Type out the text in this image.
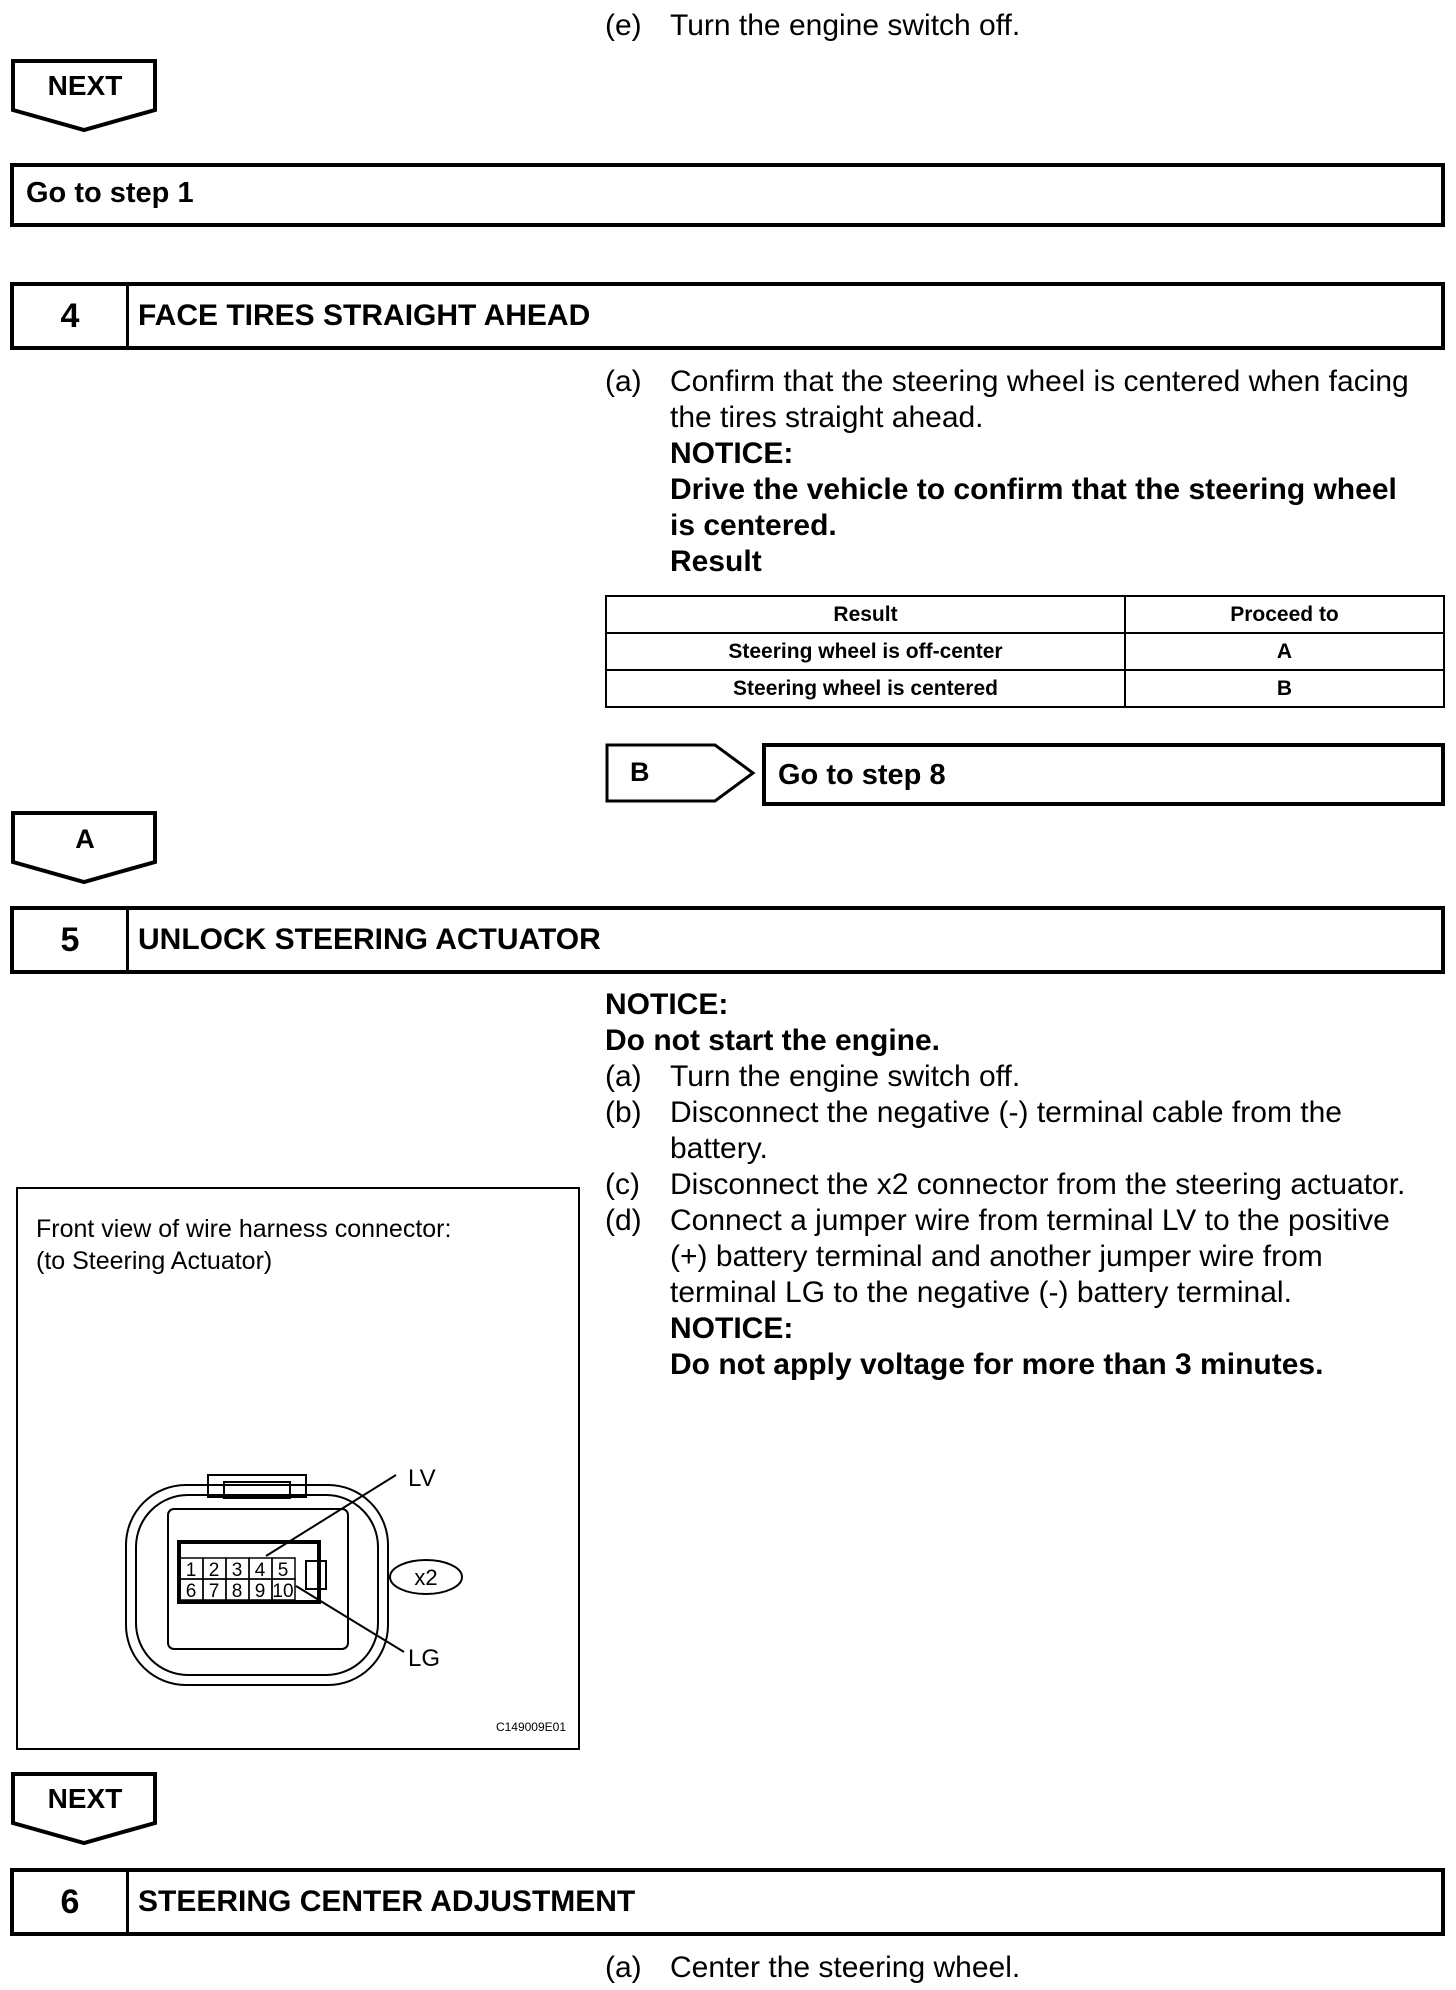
(e) Turn the engine switch off.
NEXT
Go to step 1
4	FACE TIRES STRAIGHT AHEAD
(a) Confirm that the steering wheel is centered when facing
the tires straight ahead.
NOTICE:
Drive the vehicle to confirm that the steering wheel
is centered.
Result
Result	Proceed to
Steering wheel is off-center	A
Steering wheel is centered	B
B	Go to step 8
A
5	UNLOCK STEERING ACTUATOR
NOTICE:
Do not start the engine.
(a) Turn the engine switch off.
(b) Disconnect the negative (-) terminal cable from the
battery.
(c)	Disconnect the x2 connector from the steering actuator.
(d) Connect a jumper wire from terminal LV to the positive
(+) battery terminal and another jumper wire from
terminal LG to the negative (-) battery terminal.
NOTICE:
Do not apply voltage for more than 3 minutes.
Front view of wire harness connector:
(to Steering Actuator)
1 2 3 4 5
6 7 8 9 10
LV
LG
x2
C149009E01
NEXT
6	STEERING CENTER ADJUSTMENT
(a) Center the steering wheel.
